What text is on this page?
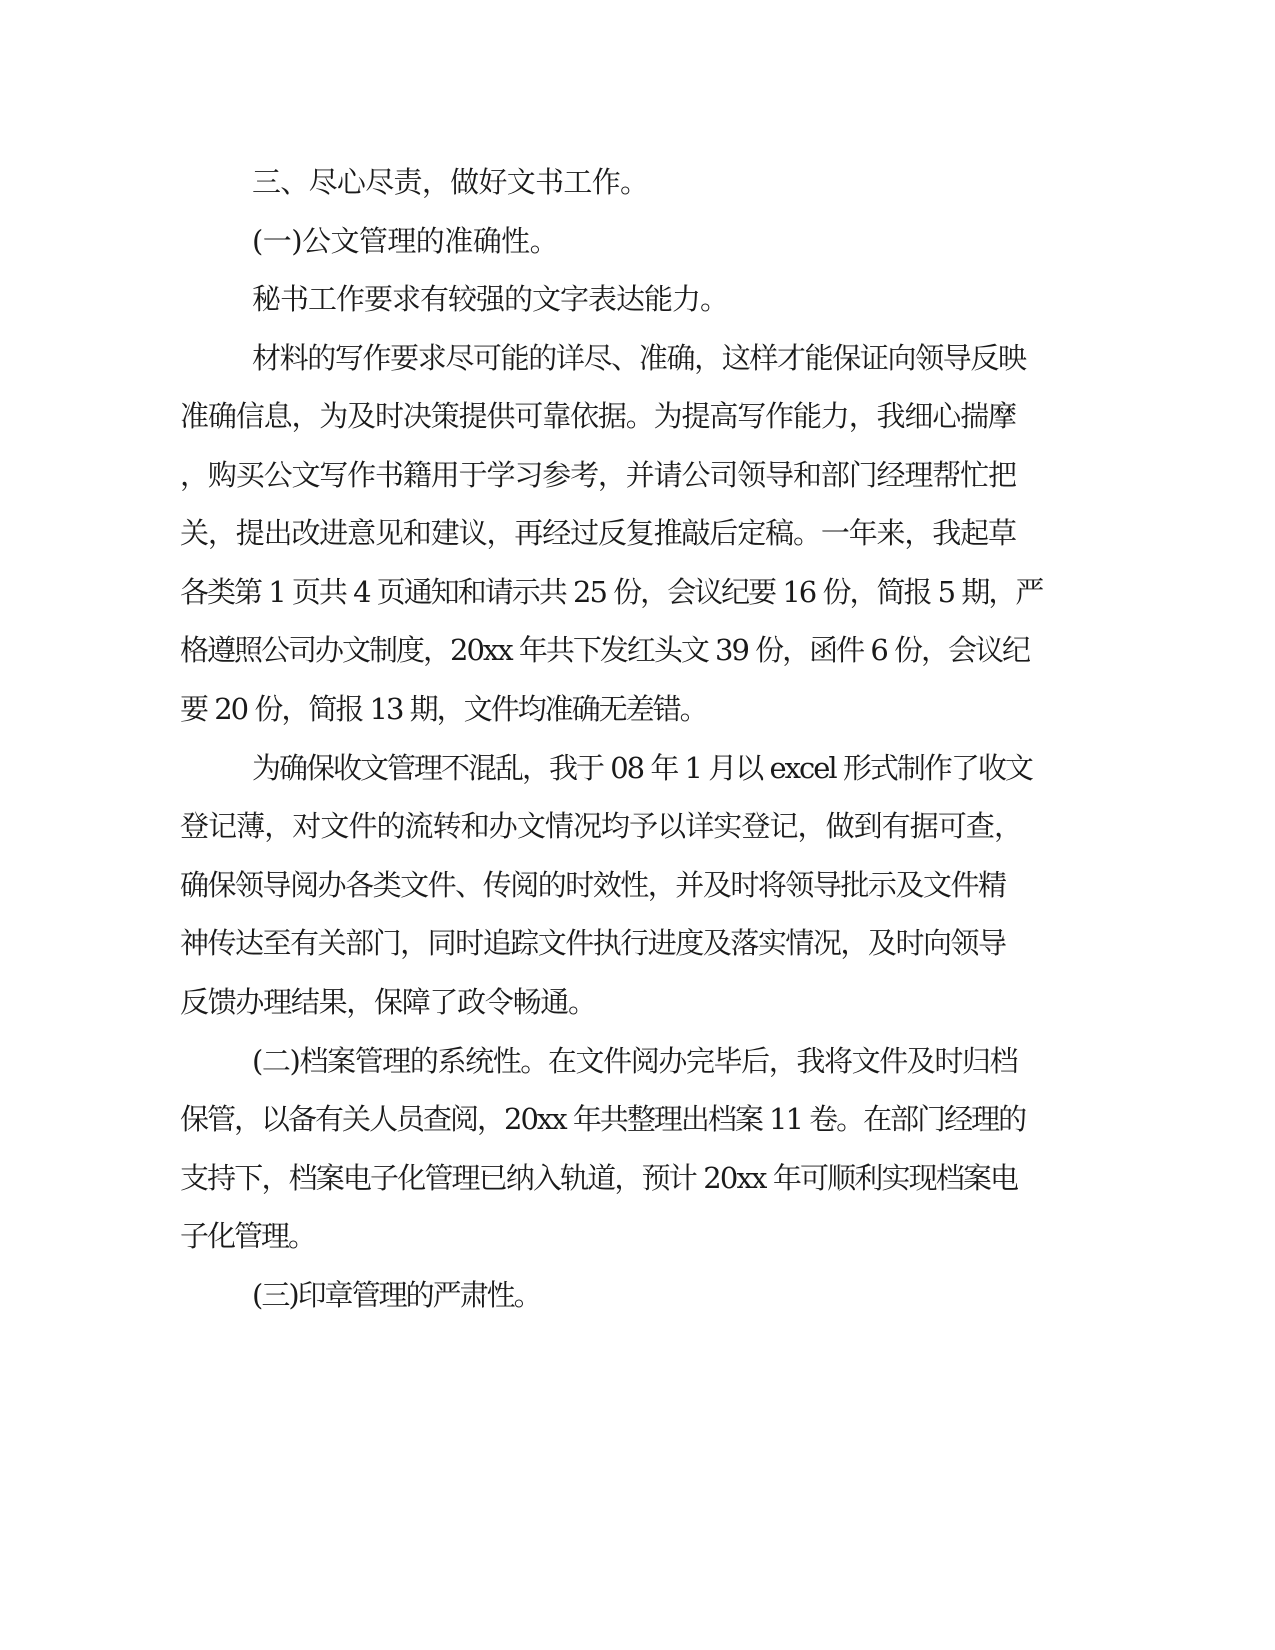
三、尽心尽责，做好文书工作。
(一)公文管理的准确性。
秘书工作要求有较强的文字表达能力。
材料的写作要求尽可能的详尽、准确，这样才能保证向领导反映
准确信息，为及时决策提供可靠依据。为提高写作能力，我细心揣摩
，购买公文写作书籍用于学习参考，并请公司领导和部门经理帮忙把
关，提出改进意见和建议，再经过反复推敲后定稿。一年来，我起草
各类第 1 页共 4 页通知和请示共 25 份，会议纪要 16 份，简报 5 期，严
格遵照公司办文制度，20xx 年共下发红头文 39 份，函件 6 份，会议纪
要 20 份，简报 13 期，文件均准确无差错。
为确保收文管理不混乱，我于 08 年 1 月以 excel 形式制作了收文
登记薄，对文件的流转和办文情况均予以详实登记，做到有据可查，
确保领导阅办各类文件、传阅的时效性，并及时将领导批示及文件精
神传达至有关部门，同时追踪文件执行进度及落实情况，及时向领导
反馈办理结果，保障了政令畅通。
(二)档案管理的系统性。在文件阅办完毕后，我将文件及时归档
保管，以备有关人员查阅，20xx 年共整理出档案 11 卷。在部门经理的
支持下，档案电子化管理已纳入轨道，预计 20xx 年可顺利实现档案电
子化管理。
(三)印章管理的严肃性。
